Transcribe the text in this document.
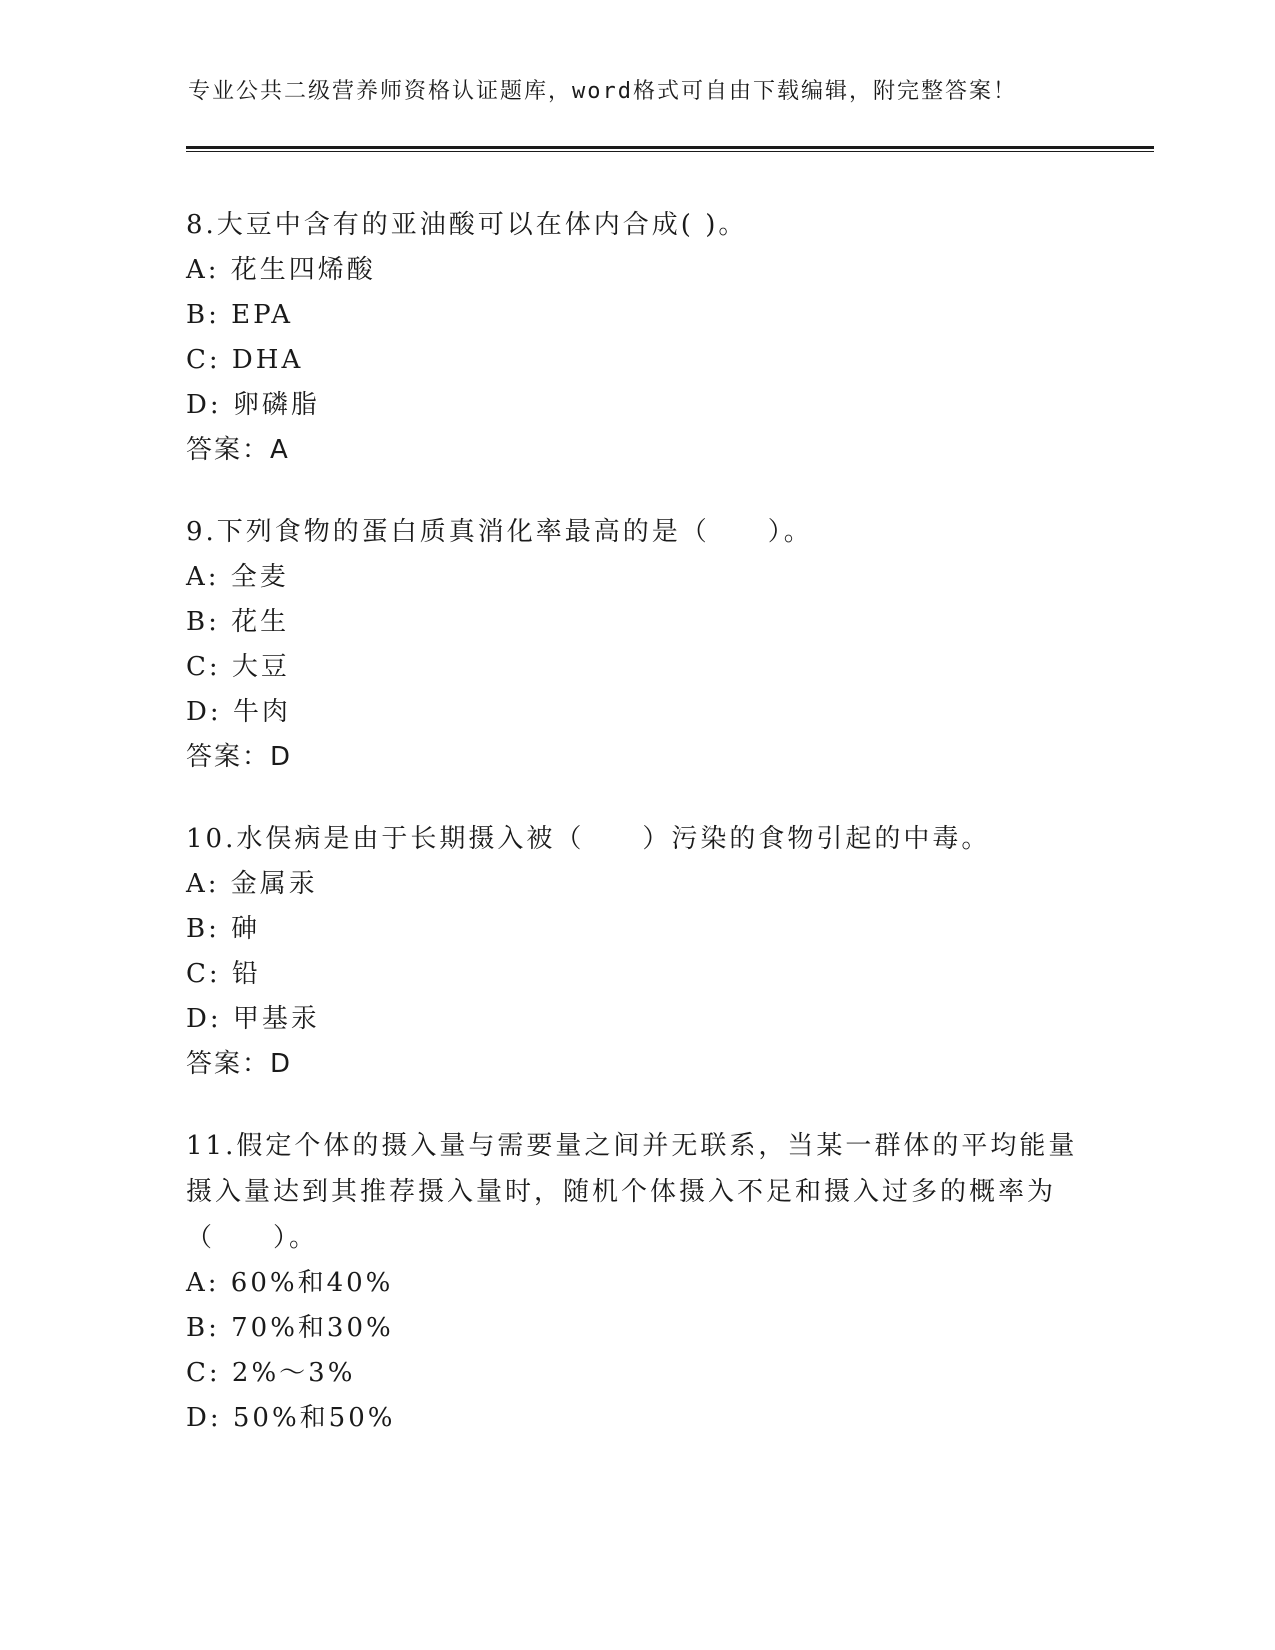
专业公共二级营养师资格认证题库，word格式可自由下载编辑，附完整答案！
8.大豆中含有的亚油酸可以在体内合成( )。
A: 花生四烯酸
B: EPA
C: DHA
D: 卵磷脂
答案：A
9.下列食物的蛋白质真消化率最高的是（　　）。
A: 全麦
B: 花生
C: 大豆
D: 牛肉
答案：D
10.水俣病是由于长期摄入被（　　）污染的食物引起的中毒。
A: 金属汞
B: 砷
C: 铅
D: 甲基汞
答案：D
11.假定个体的摄入量与需要量之间并无联系，当某一群体的平均能量摄入量达到其推荐摄入量时，随机个体摄入不足和摄入过多的概率为（　　）。
A: 60%和40%
B: 70%和30%
C: 2%～3%
D: 50%和50%
